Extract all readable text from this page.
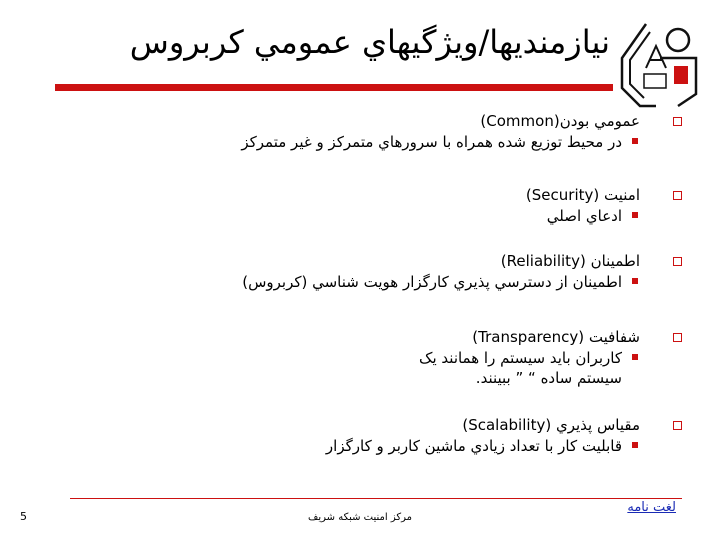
نيازمنديها/ويژگيهاي عمومي کربروس
عمومي بودن(Common)
در محيط توزيع شده همراه با سرورهاي متمرکز و غير متمرکز
امنيت (Security)
ادعاي اصلي
اطمينان (Reliability)
اطمينان از دسترسي پذيري کارگزار هويت شناسي (کربروس)
شفافيت (Transparency)
کاربران بايد سيستم را همانند يک سيستم ساده “ ” ببينند.
مقياس پذيري (Scalability)
قابليت کار با تعداد زيادي ماشين کاربر و کارگزار
5	مرکز امنيت شبکه شريف
لغت نامه
